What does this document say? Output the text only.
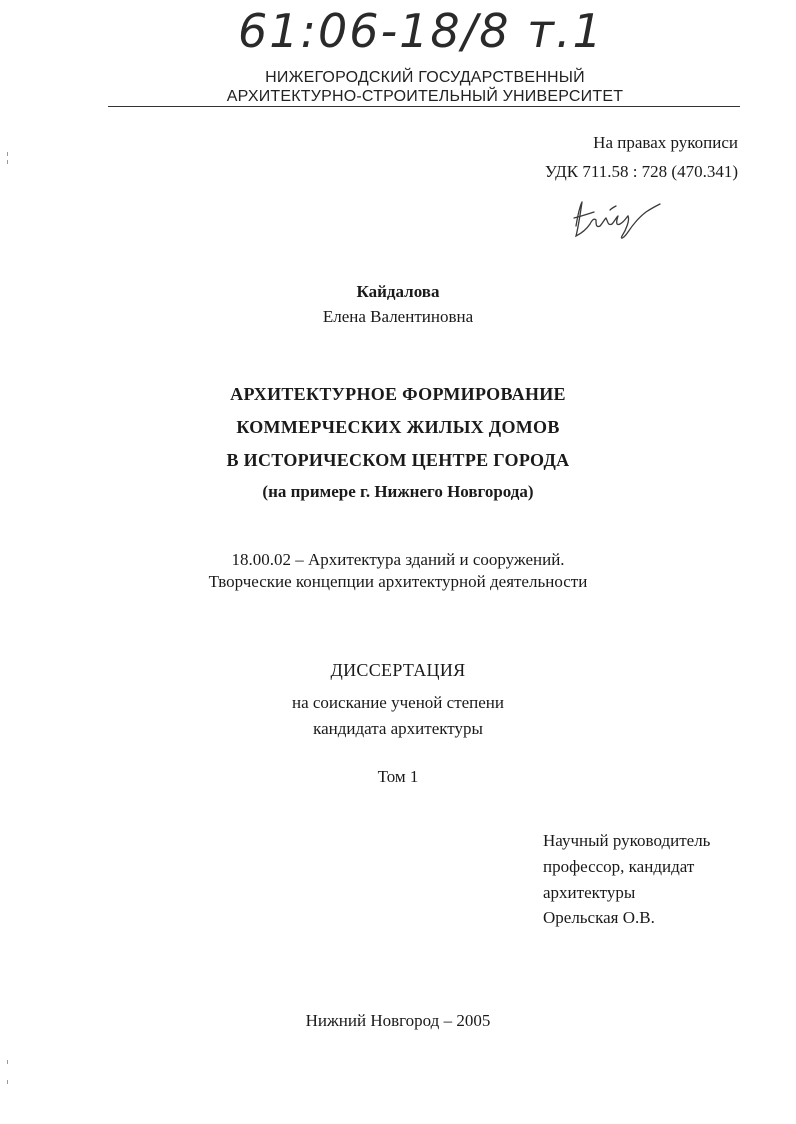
61:06-18/8 т.1
НИЖЕГОРОДСКИЙ ГОСУДАРСТВЕННЫЙ
АРХИТЕКТУРНО-СТРОИТЕЛЬНЫЙ УНИВЕРСИТЕТ
На правах рукописи
УДК 711.58 : 728 (470.341)
Кайдалова
Елена Валентиновна
АРХИТЕКТУРНОЕ ФОРМИРОВАНИЕ
КОММЕРЧЕСКИХ ЖИЛЫХ ДОМОВ
В ИСТОРИЧЕСКОМ ЦЕНТРЕ ГОРОДА
(на примере г. Нижнего Новгорода)
18.00.02 – Архитектура зданий и сооружений.
Творческие концепции архитектурной деятельности
ДИССЕРТАЦИЯ
на соискание ученой степени
кандидата архитектуры
Том 1
Научный руководитель
профессор, кандидат
архитектуры
Орельская О.В.
Нижний Новгород – 2005
